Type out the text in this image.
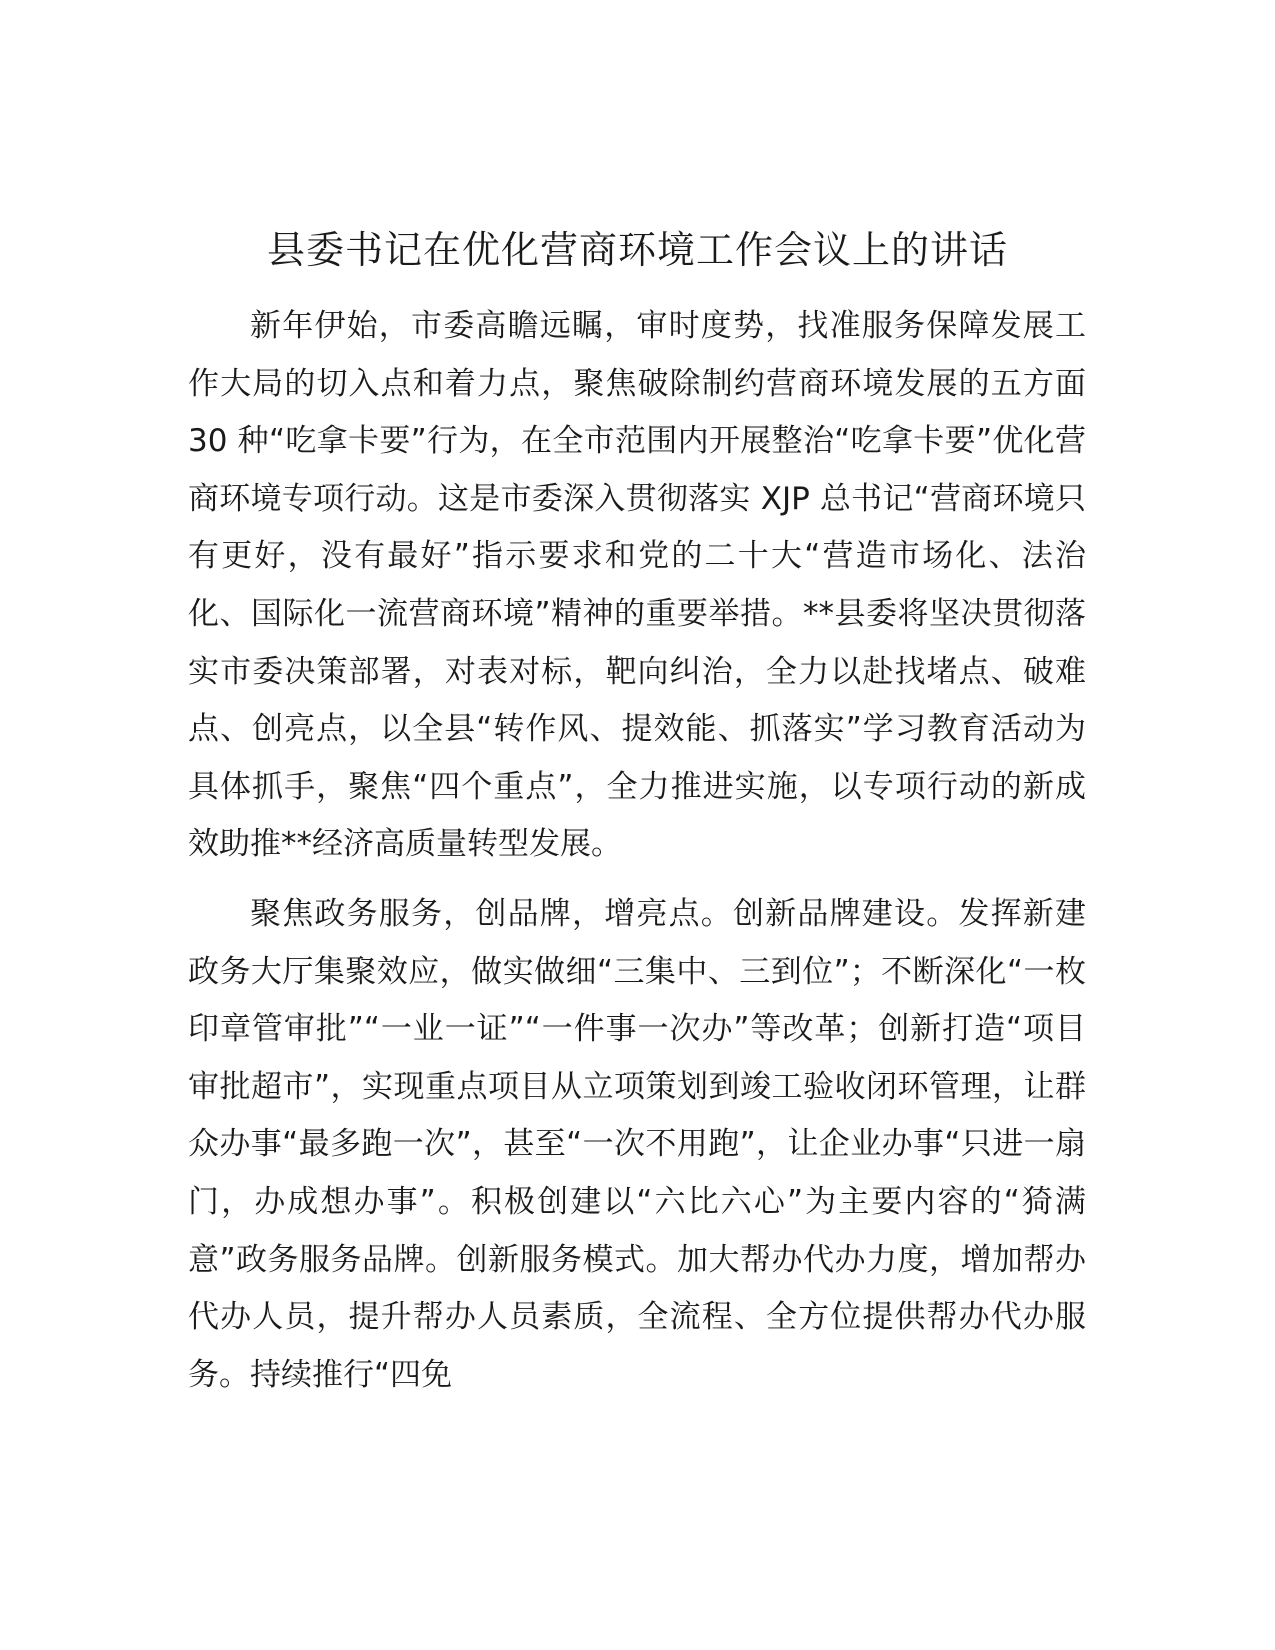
县委书记在优化营商环境工作会议上的讲话

新年伊始，市委高瞻远瞩，审时度势，找准服务保障发展工作大局的切入点和着力点，聚焦破除制约营商环境发展的五方面 30 种“吃拿卡要”行为，在全市范围内开展整治“吃拿卡要”优化营商环境专项行动。这是市委深入贯彻落实 XJP 总书记“营商环境只有更好，没有最好”指示要求和党的二十大“营造市场化、法治化、国际化一流营商环境”精神的重要举措。**县委将坚决贯彻落实市委决策部署，对表对标，靶向纠治，全力以赴找堵点、破难点、创亮点，以全县“转作风、提效能、抓落实”学习教育活动为具体抓手，聚焦“四个重点”，全力推进实施，以专项行动的新成效助推**经济高质量转型发展。

聚焦政务服务，创品牌，增亮点。创新品牌建设。发挥新建政务大厅集聚效应，做实做细“三集中、三到位”；不断深化“一枚印章管审批”“一业一证”“一件事一次办”等改革；创新打造“项目审批超市”，实现重点项目从立项策划到竣工验收闭环管理，让群众办事“最多跑一次”，甚至“一次不用跑”，让企业办事“只进一扇门，办成想办事”。积极创建以“六比六心”为主要内容的“猗满意”政务服务品牌。创新服务模式。加大帮办代办力度，增加帮办代办人员，提升帮办人员素质，全流程、全方位提供帮办代办服务。持续推行“四免
